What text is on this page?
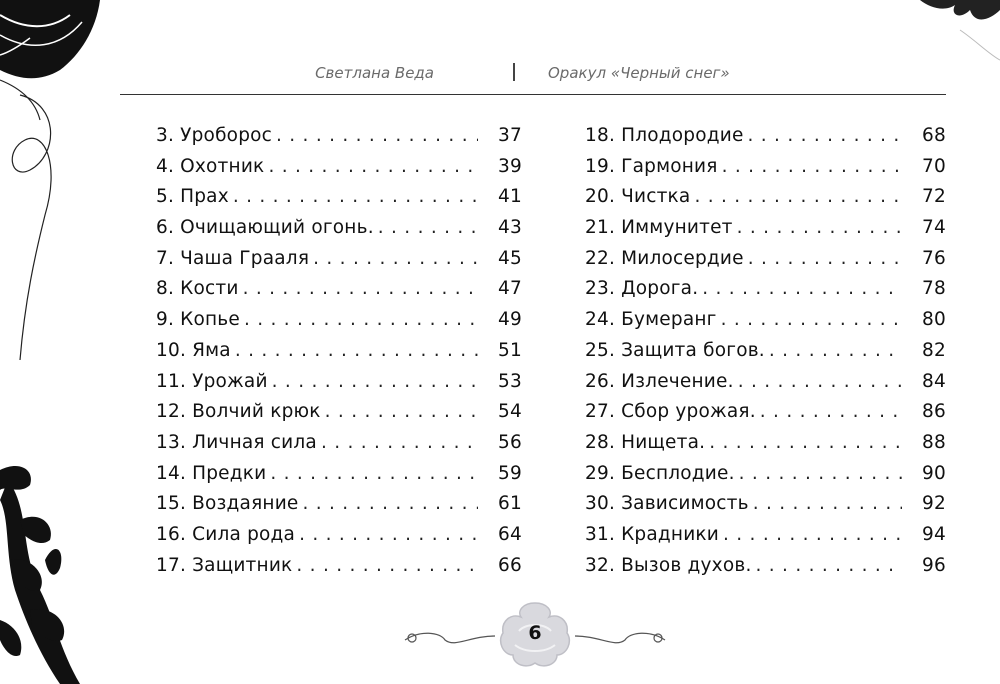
Светлана Веда	Оракул «Черный снег»
3. Уроборос . . .	37
4. Охотник . . .	39
5. Прах . . .	41
6. Очищающий огонь. . . .	43
7. Чаша Грааля . . .	45
8. Кости . . .	47
9. Копье . . .	49
10. Яма . . .	51
11. Урожай . . .	53
12. Волчий крюк . . .	54
13. Личная сила . . .	56
14. Предки . . .	59
15. Воздаяние . . .	61
16. Сила рода . . .	64
17. Защитник . . .	66
18. Плодородие . . .	68
19. Гармония . . .	70
20. Чистка . . .	72
21. Иммунитет . . .	74
22. Милосердие . . .	76
23. Дорога. . . .	78
24. Бумеранг . . .	80
25. Защита богов. . . .	82
26. Излечение. . . .	84
27. Сбор урожая. . . .	86
28. Нищета. . . .	88
29. Бесплодие. . . .	90
30. Зависимость . . .	92
31. Крадники . . .	94
32. Вызов духов. . . .	96
6
